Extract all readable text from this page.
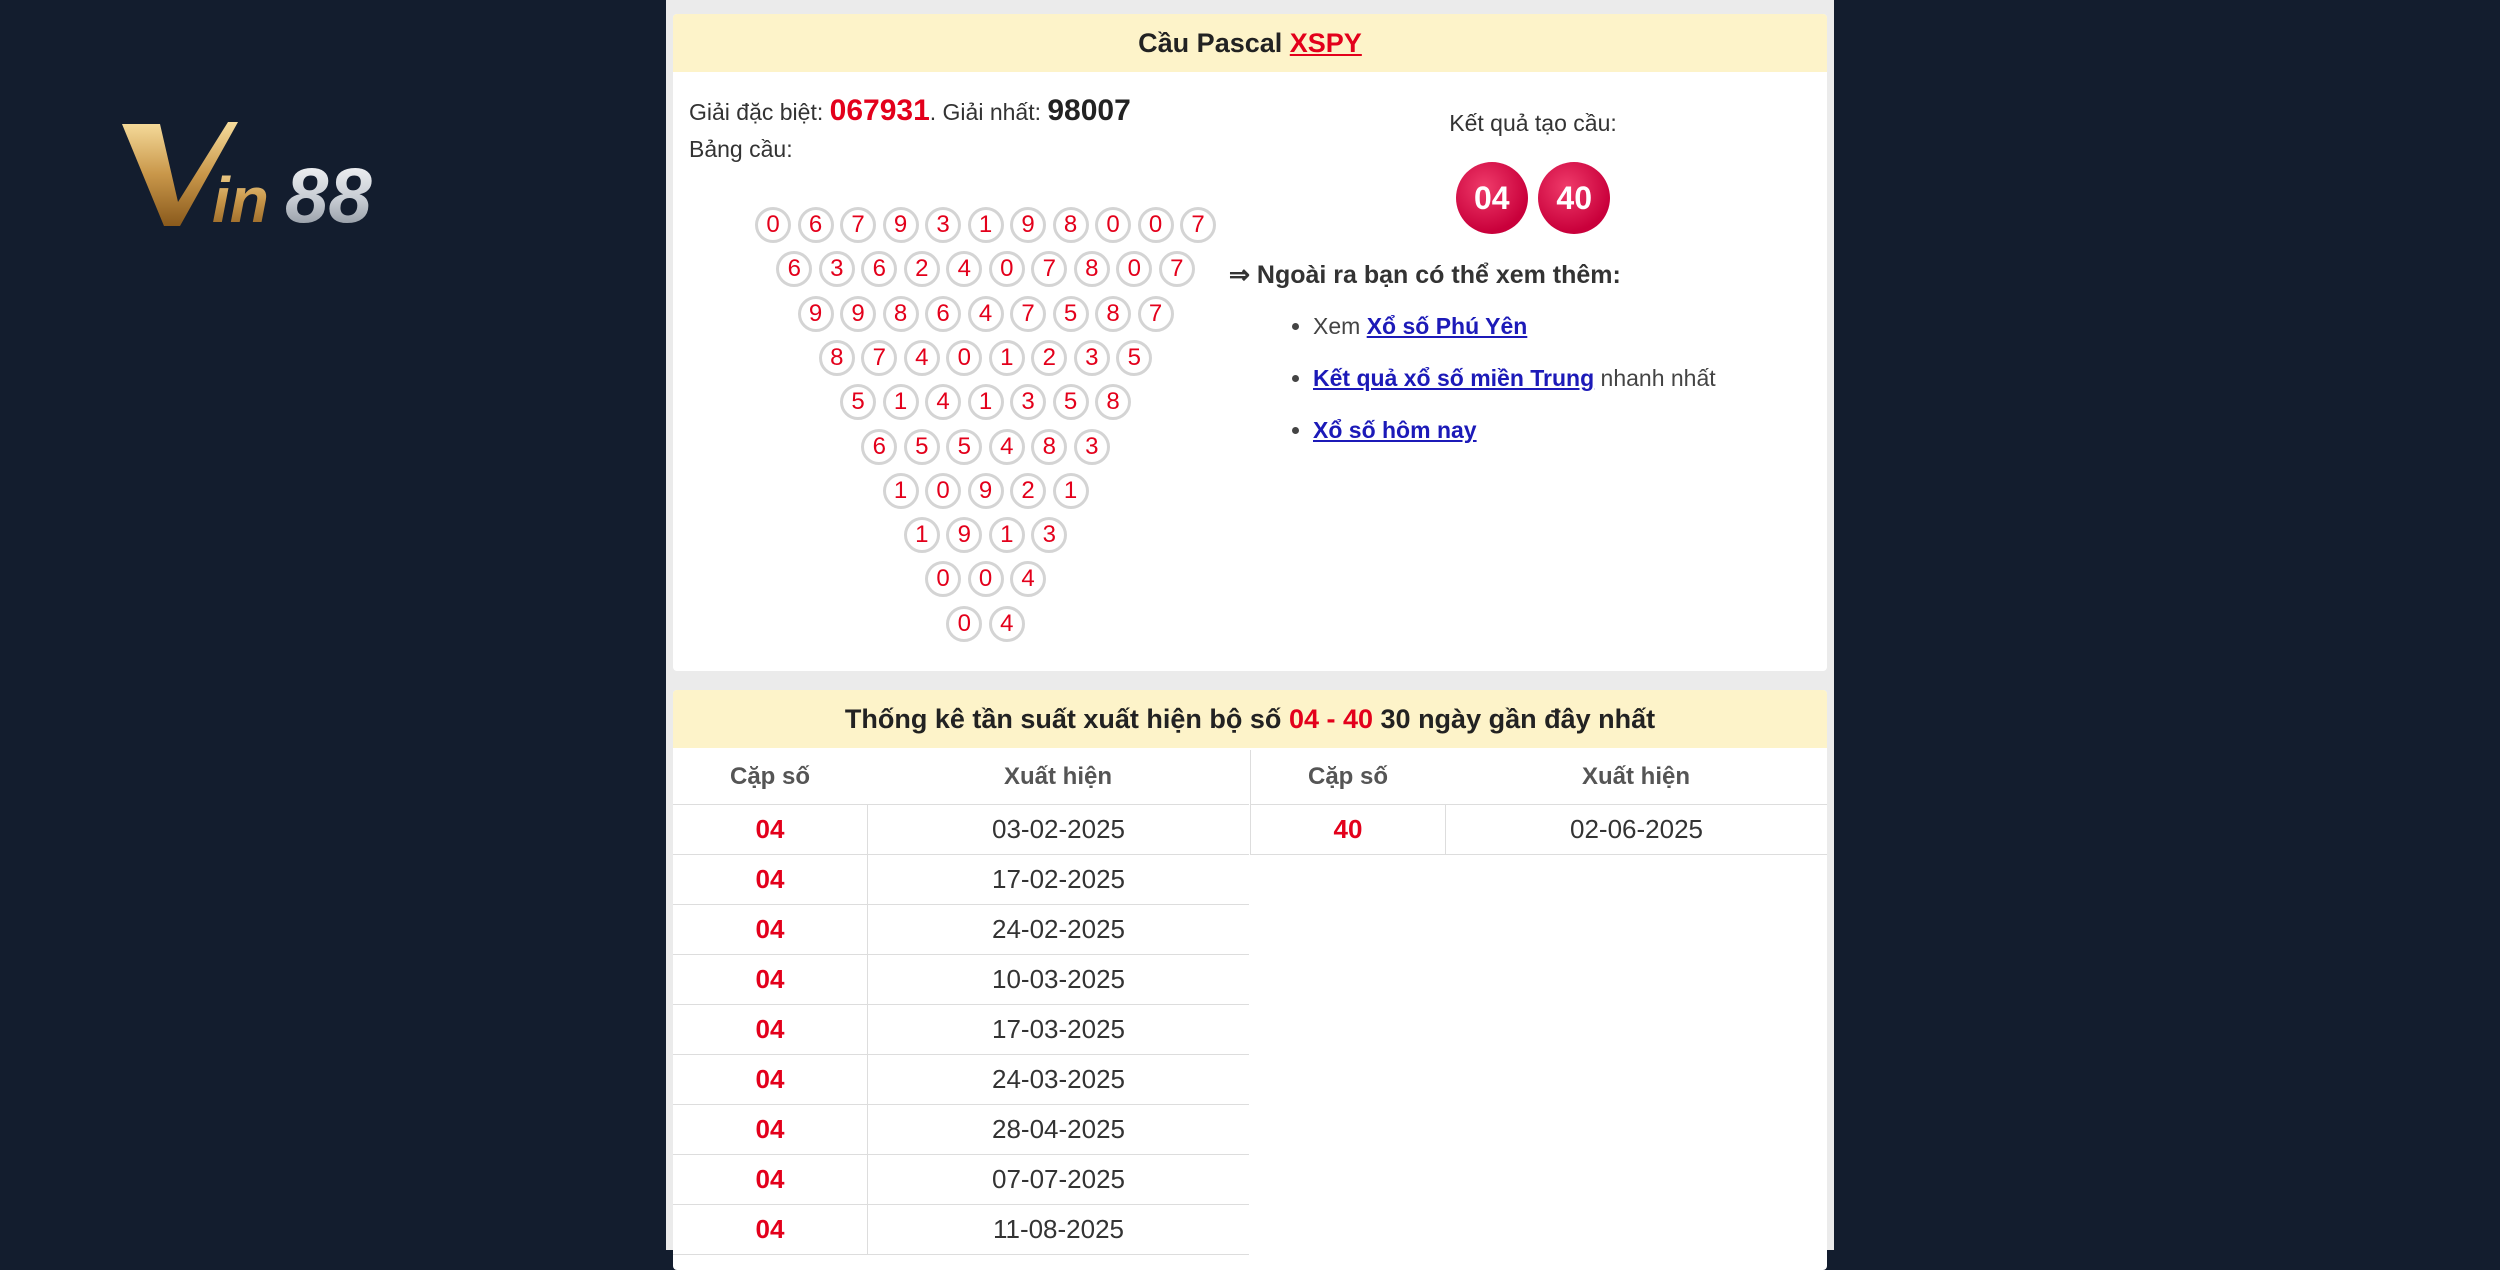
in 88
Cầu Pascal XSPY
Giải đặc biệt: 067931. Giải nhất: 98007
Bảng cầu:
0	6	7	9	3	1	9	8	0	0	7
6	3	6	2	4	0	7	8	0	7
9	9	8	6	4	7	5	8	7
8	7	4	0	1	2	3	5
5	1	4	1	3	5	8
6	5	5	4	8	3
1	0	9	2	1
1	9	1	3
0	0	4
0	4
Kết quả tạo cầu:
04 40
⇒ Ngoài ra bạn có thể xem thêm:
• Xem Xổ số Phú Yên
• Kết quả xổ số miền Trung nhanh nhất
• Xổ số hôm nay
Thống kê tần suất xuất hiện bộ số 04 - 40 30 ngày gần đây nhất
Cặp số	Xuất hiện
04	03-02-2025
04	17-02-2025
04	24-02-2025
04	10-03-2025
04	17-03-2025
04	24-03-2025
04	28-04-2025
04	07-07-2025
04	11-08-2025
Cặp số	Xuất hiện
40	02-06-2025
